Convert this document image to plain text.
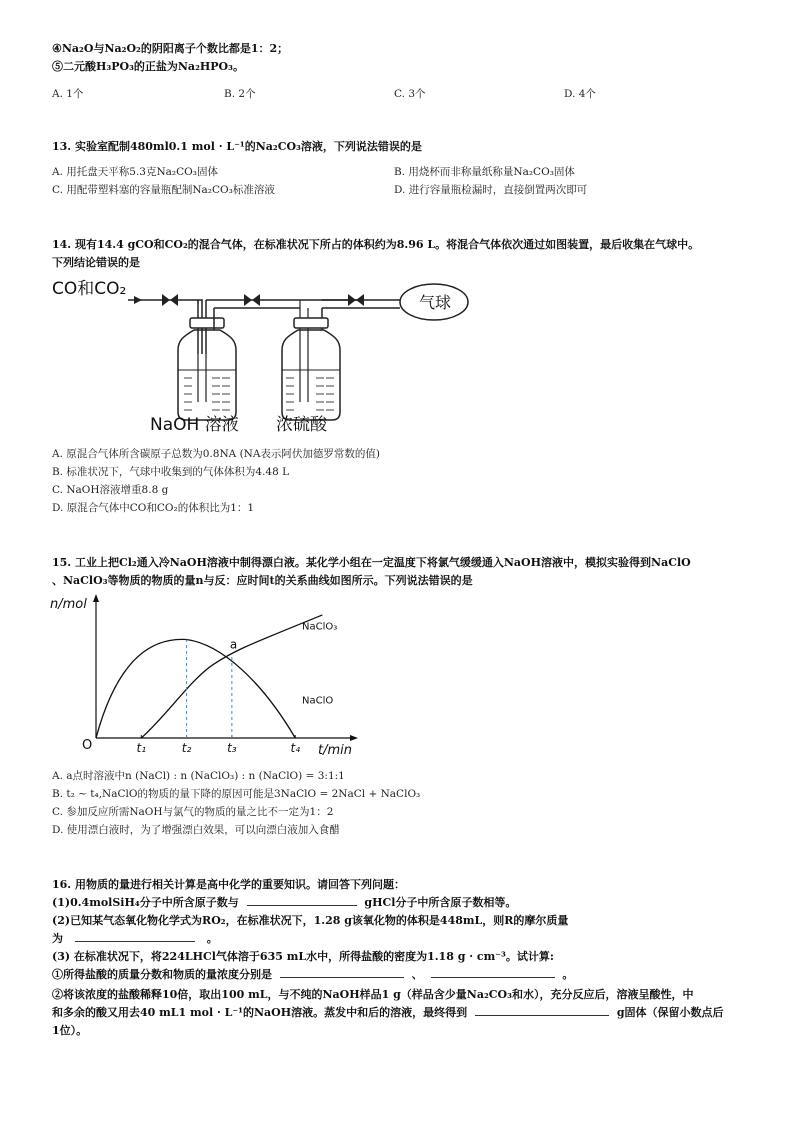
④Na₂O与Na₂O₂的阴阳离子个数比都是1：2；
⑤二元酸H₃PO₃的正盐为Na₂HPO₃。
A. 1个	B. 2个	C. 3个	D. 4个
13. 实验室配制480ml0.1 mol · L⁻¹的Na₂CO₃溶液，下列说法错误的是
A. 用托盘天平称5.3克Na₂CO₃固体	B. 用烧杯而非称量纸称量Na₂CO₃固体
C. 用配带塑料塞的容量瓶配制Na₂CO₃标准溶液	D. 进行容量瓶检漏时，直接倒置两次即可
14. 现有14.4 gCO和CO₂的混合气体，在标准状况下所占的体积约为8.96 L。将混合气体依次通过如图装置，最后收集在气球中。
下列结论错误的是
CO和CO₂
气球
NaOH 溶液 浓硫酸
A. 原混合气体所含碳原子总数为0.8NA (NA表示阿伏加德罗常数的值)
B. 标准状况下，气球中收集到的气体体积为4.48 L
C. NaOH溶液增重8.8 g
D. 原混合气体中CO和CO₂的体积比为1：1
15. 工业上把Cl₂通入冷NaOH溶液中制得漂白液。某化学小组在一定温度下将氯气缓缓通入NaOH溶液中，模拟实验得到NaClO
、NaClO₃等物质的物质的量n与反：应时间t的关系曲线如图所示。下列说法错误的是
n/mol
t/min
O	t₁	t₂	t₃	t₄
a
NaClO₃
NaClO
A. a点时溶液中n (NaCl) : n (NaClO₃) : n (NaClO) = 3:1:1
B. t₂ ~ t₄,NaClO的物质的量下降的原因可能是3NaClO = 2NaCl + NaClO₃
C. 参加反应所需NaOH与氯气的物质的量之比不一定为1：2
D. 使用漂白液时，为了增强漂白效果，可以向漂白液加入食醋
16. 用物质的量进行相关计算是高中化学的重要知识。请回答下列问题：
(1)0.4molSiH₄分子中所含原子数与	gHCl分子中所含原子数相等。
(2)已知某气态氧化物化学式为RO₂，在标准状况下，1.28 g该氧化物的体积是448mL，则R的摩尔质量
为	。
(3) 在标准状况下，将224LHCl气体溶于635 mL水中，所得盐酸的密度为1.18 g · cm⁻³。试计算:
①所得盐酸的质量分数和物质的量浓度分别是	、	。
②将该浓度的盐酸稀释10倍，取出100 mL，与不纯的NaOH样品1 g（样品含少量Na₂CO₃和水），充分反应后，溶液呈酸性，中
和多余的酸又用去40 mL1 mol · L⁻¹的NaOH溶液。蒸发中和后的溶液，最终得到	g固体（保留小数点后
1位）。
